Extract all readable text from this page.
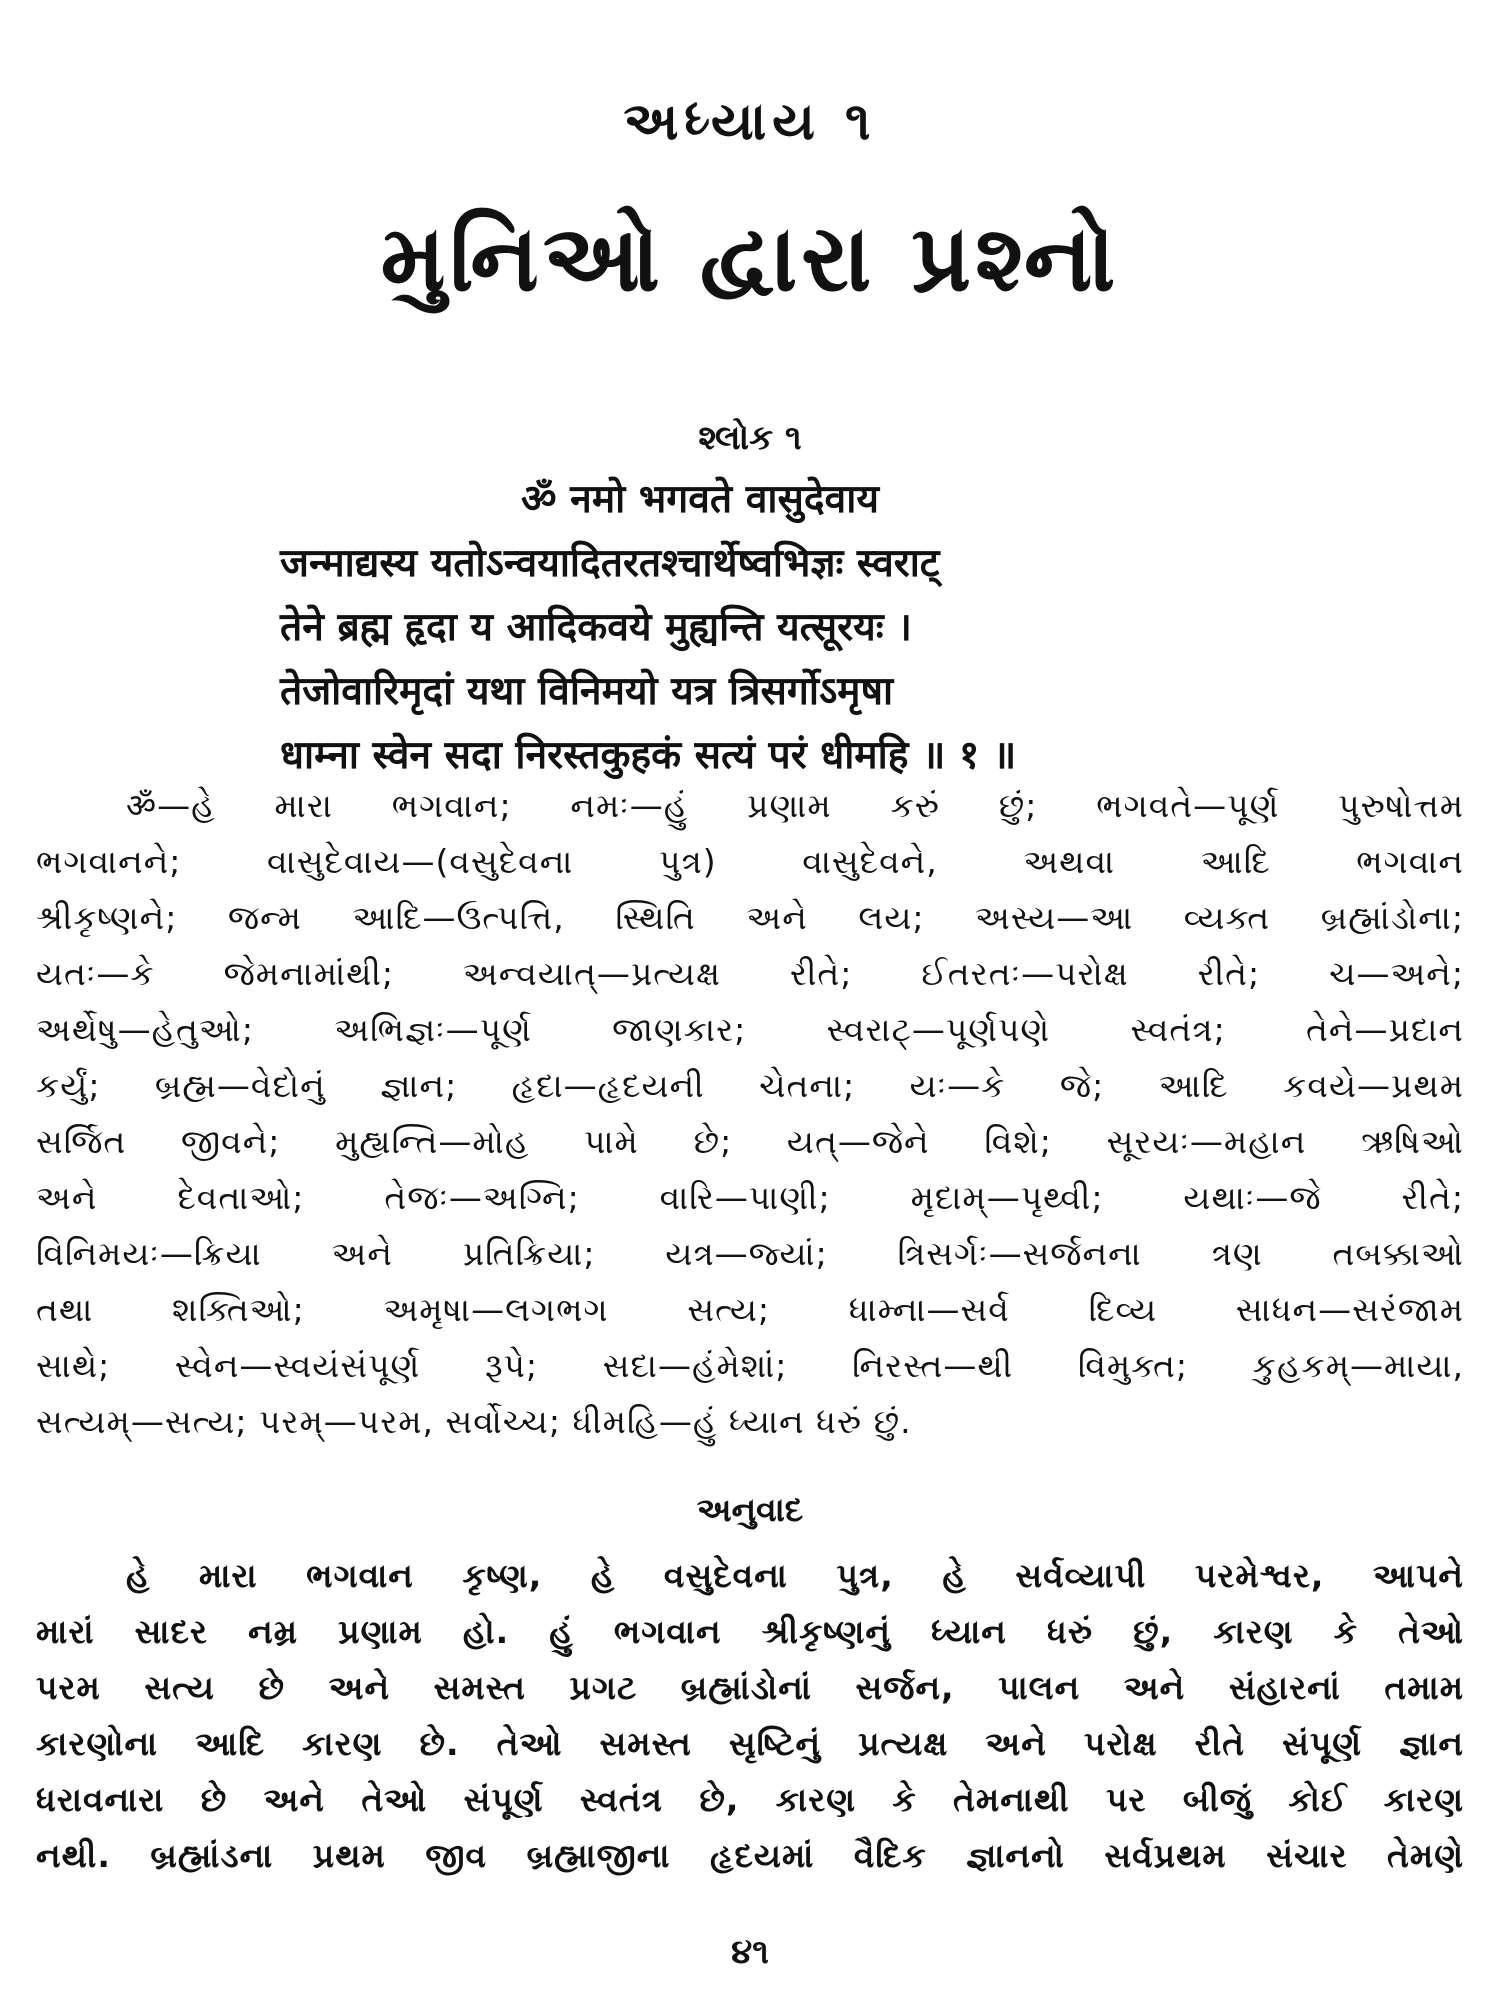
અધ્યાય ૧
મુનિઓ દ્વારા પ્રશ્નો
શ્લોક ૧
ॐ नमो भगवते वासुदेवाय
जन्माद्यस्य यतोऽन्वयादितरतश्चार्थेष्वभिज्ञः स्वराट्
तेने ब्रह्म हृदा य आदिकवये मुह्यन्ति यत्सूरयः ।
तेजोवारिमृदां यथा विनिमयो यत्र त्रिसर्गोऽमृषा
धाम्ना स्वेन सदा निरस्तकुहकं सत्यं परं धीमहि ॥ १ ॥
ॐ—હે મારા ભગવાન; નમઃ—હું પ્રણામ કરું છું; ભગવતે—પૂર્ણ પુરુષોત્તમ
ભગવાનને; વાસુદેવાય—(વસુદેવના પુત્ર) વાસુદેવને, અથવા આદિ ભગવાન
શ્રીકૃષ્ણને; જન્મ આદિ—ઉત્પત્તિ, સ્થિતિ અને લય; અસ્ય—આ વ્યક્ત બ્રહ્માંડોના;
યતઃ—કે જેમનામાંથી; અન્વયાત્—પ્રત્યક્ષ રીતે; ઈતરતઃ—પરોક્ષ રીતે; ચ—અને;
અર્થેષુ—હેતુઓ; અભિજ્ઞઃ—પૂર્ણ જાણકાર; સ્વરાટ્—પૂર્ણપણે સ્વતંત્ર; તેને—પ્રદાન
કર્યું; બ્રહ્મ—વેદોનું જ્ઞાન; હૃદા—હૃદયની ચેતના; યઃ—કે જે; આદિ કવયે—પ્રથમ
સર્જિત જીવને; મુહ્યન્તિ—મોહ પામે છે; યત્—જેને વિશે; સૂરયઃ—મહાન ઋષિઓ
અને દેવતાઓ; તેજઃ—અગ્નિ; વારિ—પાણી; મૃદામ્—પૃથ્વી; યથાઃ—જે રીતે;
વિનિમયઃ—ક્રિયા અને પ્રતિક્રિયા; યત્ર—જ્યાં; ત્રિસર્ગઃ—સર્જનના ત્રણ તબક્કાઓ
તથા શક્તિઓ; અમૃષા—લગભગ સત્ય; ધામ્ના—સર્વ દિવ્ય સાધન—સરંજામ
સાથે; સ્વેન—સ્વયંસંપૂર્ણ રૂપે; સદા—હંમેશાં; નિરસ્ત—થી વિમુક્ત; કુહકમ્—માયા,
સત્યમ્—સત્ય; પરમ્—પરમ, સર્વોચ્ચ; ધીમહિ—હું ધ્યાન ધરું છું.
અનુવાદ
હે મારા ભગવાન કૃષ્ણ, હે વસુદેવના પુત્ર, હે સર્વવ્યાપી પરમેશ્વર, આપને
મારાં સાદર નમ્ર પ્રણામ હો. હું ભગવાન શ્રીકૃષ્ણનું ધ્યાન ધરું છું, કારણ કે તેઓ
પરમ સત્ય છે અને સમસ્ત પ્રગટ બ્રહ્માંડોનાં સર્જન, પાલન અને સંહારનાં તમામ
કારણોના આદિ કારણ છે. તેઓ સમસ્ત સૃષ્ટિનું પ્રત્યક્ષ અને પરોક્ષ રીતે સંપૂર્ણ જ્ઞાન
ધરાવનારા છે અને તેઓ સંપૂર્ણ સ્વતંત્ર છે, કારણ કે તેમનાથી પર બીજું કોઈ કારણ
નથી. બ્રહ્માંડના પ્રથમ જીવ બ્રહ્માજીના હૃદયમાં વૈદિક જ્ઞાનનો સર્વપ્રથમ સંચાર તેમણે
૪૧
